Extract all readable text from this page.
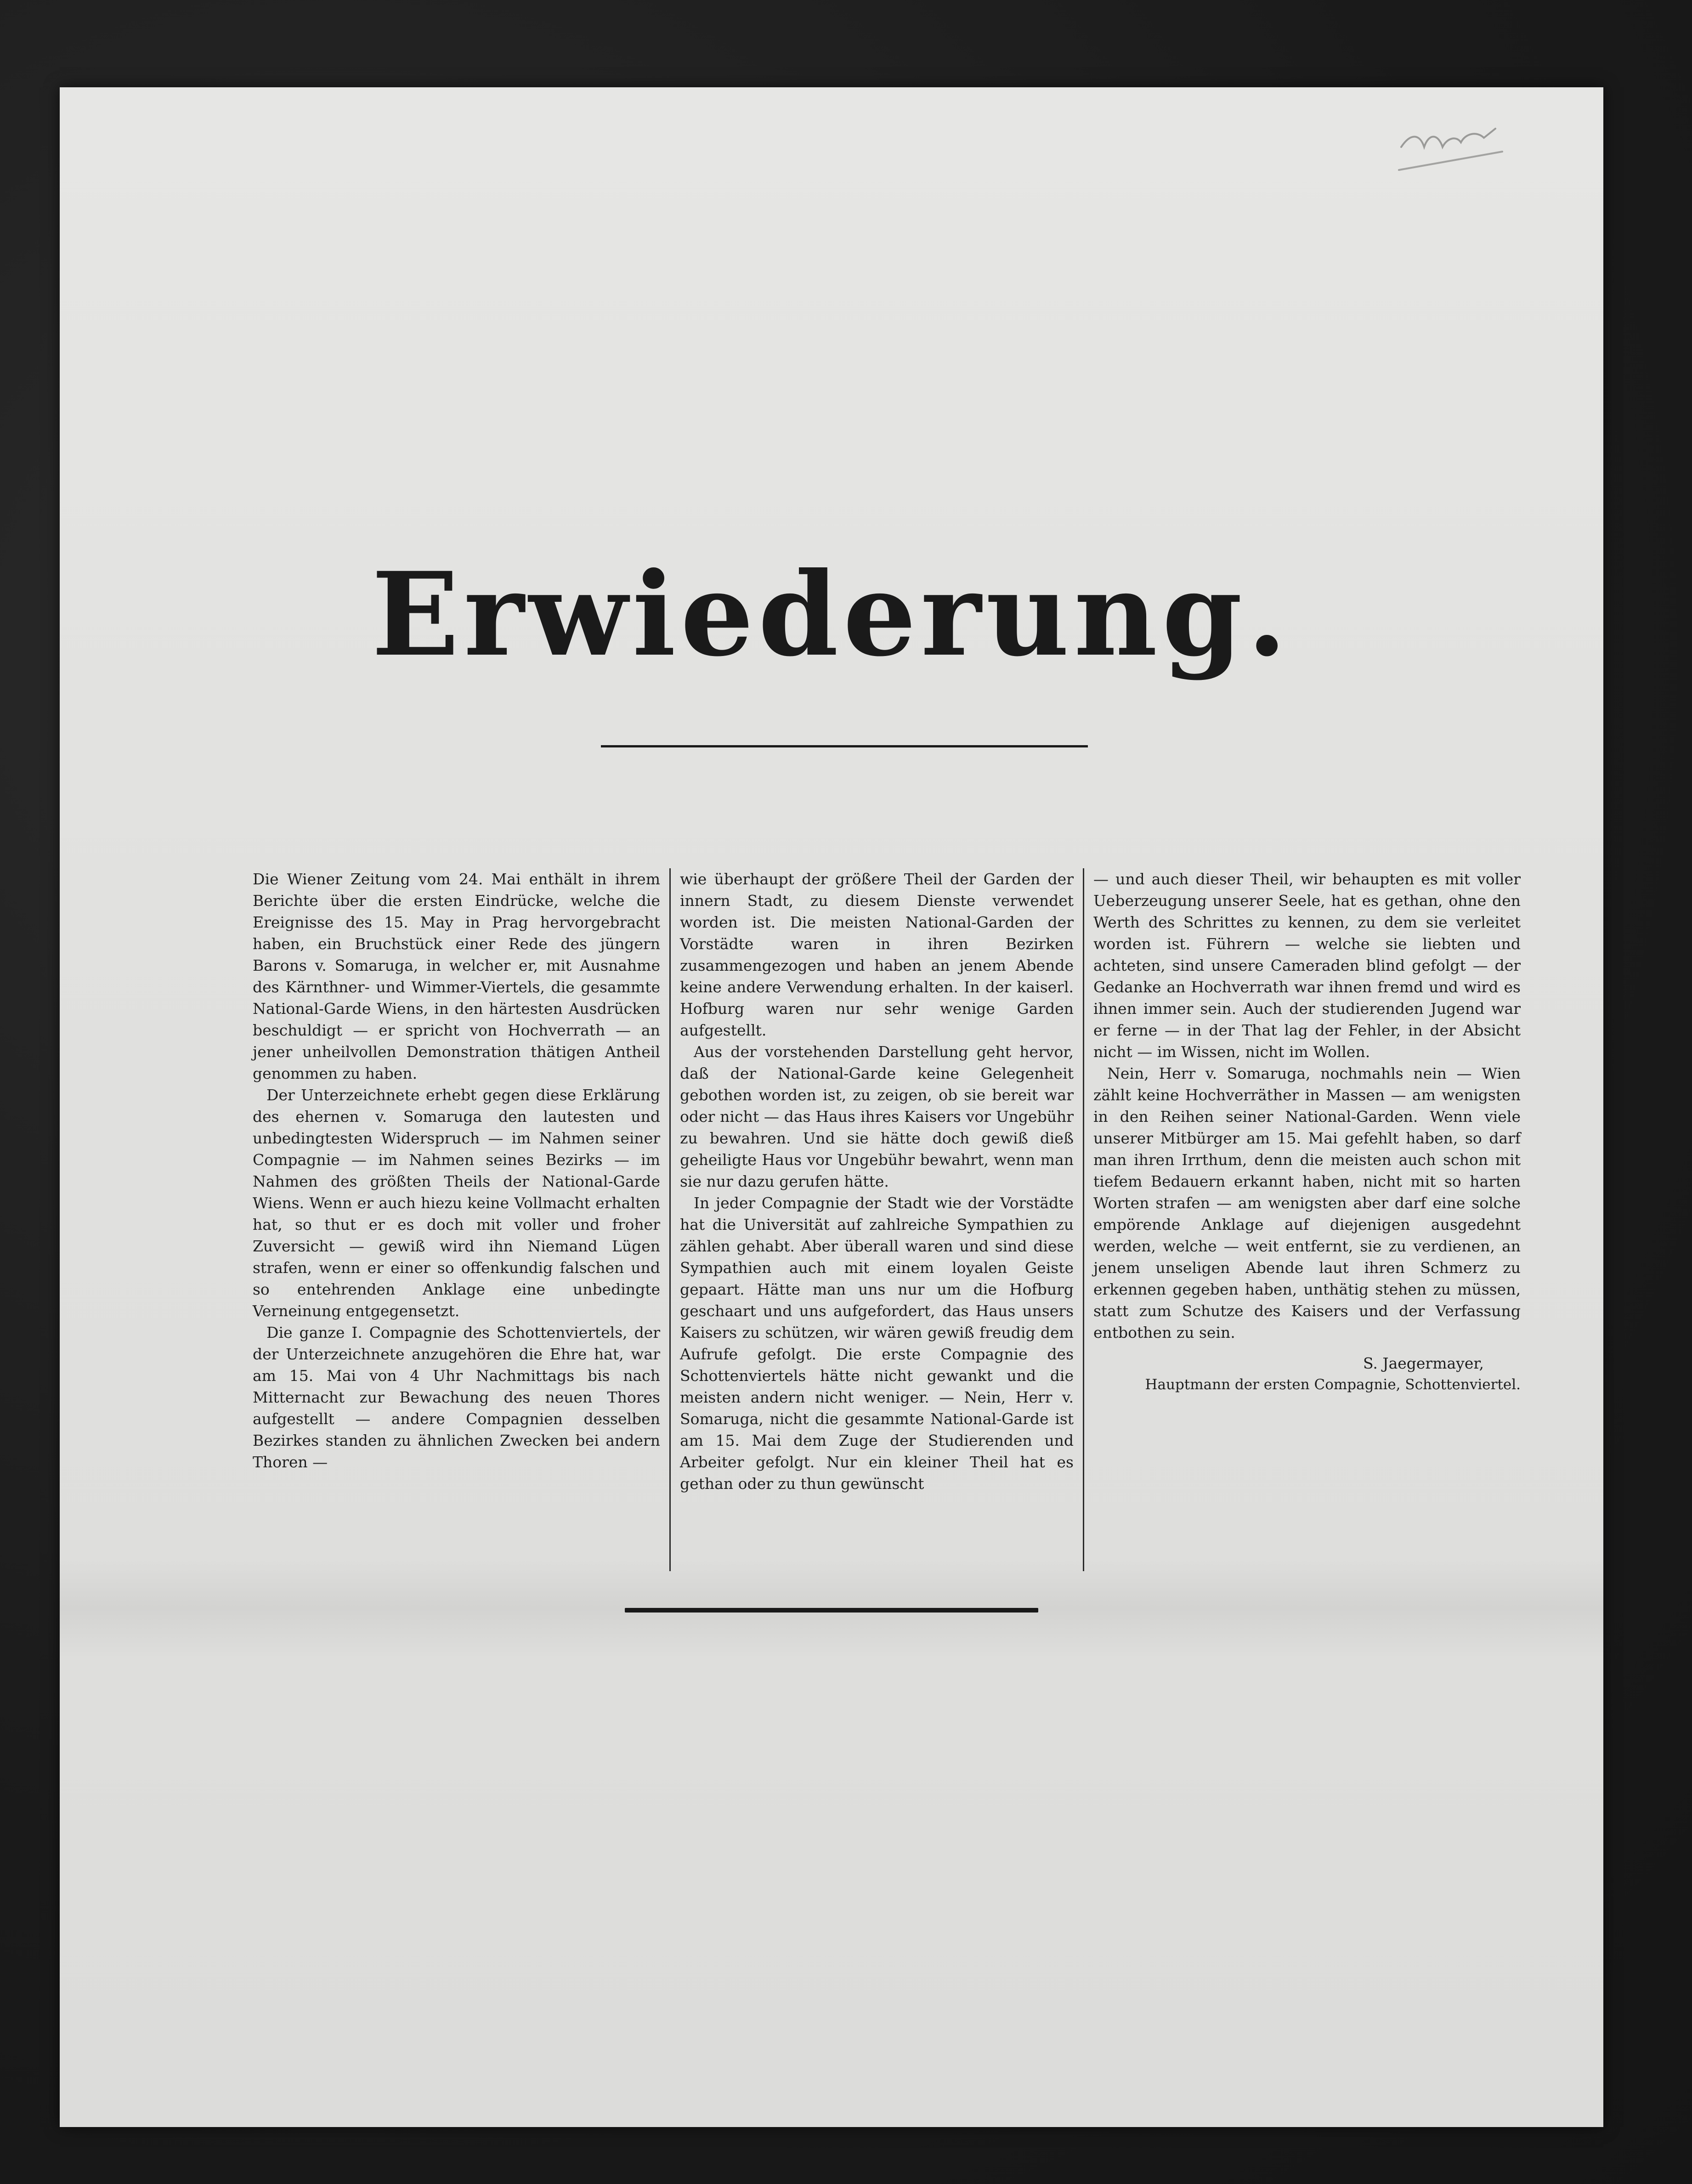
Erwiederung.

Die Wiener Zeitung vom 24. Mai enthält in ihrem Berichte über die ersten Eindrücke, welche die Ereignisse des 15. May in Prag hervorgebracht haben, ein Bruchstück einer Rede des jüngern Barons v. Somaruga, in welcher er, mit Ausnahme des Kärnthner- und Wimmer-Viertels, die gesammte National-Garde Wiens, in den härtesten Ausdrücken beschuldigt — er spricht von Hochverrath — an jener unheilvollen Demonstration thätigen Antheil genommen zu haben.

Der Unterzeichnete erhebt gegen diese Erklärung des ehernen v. Somaruga den lautesten und unbedingtesten Widerspruch — im Nahmen seiner Compagnie — im Nahmen seines Bezirks — im Nahmen des größten Theils der National-Garde Wiens. Wenn er auch hiezu keine Vollmacht erhalten hat, so thut er es doch mit voller und froher Zuversicht — gewiß wird ihn Niemand Lügen strafen, wenn er einer so offenkundig falschen und so entehrenden Anklage eine unbedingte Verneinung entgegensetzt.

Die ganze I. Compagnie des Schottenviertels, der der Unterzeichnete anzugehören die Ehre hat, war am 15. Mai von 4 Uhr Nachmittags bis nach Mitternacht zur Bewachung des neuen Thores aufgestellt — andere Compagnien desselben Bezirkes standen zu ähnlichen Zwecken bei andern Thoren —

wie überhaupt der größere Theil der Garden der innern Stadt, zu diesem Dienste verwendet worden ist. Die meisten National-Garden der Vorstädte waren in ihren Bezirken zusammengezogen und haben an jenem Abende keine andere Verwendung erhalten. In der kaiserl. Hofburg waren nur sehr wenige Garden aufgestellt.

Aus der vorstehenden Darstellung geht hervor, daß der National-Garde keine Gelegenheit gebothen worden ist, zu zeigen, ob sie bereit war oder nicht — das Haus ihres Kaisers vor Ungebühr zu bewahren. Und sie hätte doch gewiß dieß geheiligte Haus vor Ungebühr bewahrt, wenn man sie nur dazu gerufen hätte.

In jeder Compagnie der Stadt wie der Vorstädte hat die Universität auf zahlreiche Sympathien zu zählen gehabt. Aber überall waren und sind diese Sympathien auch mit einem loyalen Geiste gepaart. Hätte man uns nur um die Hofburg geschaart und uns aufgefordert, das Haus unsers Kaisers zu schützen, wir wären gewiß freudig dem Aufrufe gefolgt. Die erste Compagnie des Schottenviertels hätte nicht gewankt und die meisten andern nicht weniger. — Nein, Herr v. Somaruga, nicht die gesammte National-Garde ist am 15. Mai dem Zuge der Studierenden und Arbeiter gefolgt. Nur ein kleiner Theil hat es gethan oder zu thun gewünscht

— und auch dieser Theil, wir behaupten es mit voller Ueberzeugung unserer Seele, hat es gethan, ohne den Werth des Schrittes zu kennen, zu dem sie verleitet worden ist. Führern — welche sie liebten und achteten, sind unsere Cameraden blind gefolgt — der Gedanke an Hochverrath war ihnen fremd und wird es ihnen immer sein. Auch der studierenden Jugend war er ferne — in der That lag der Fehler, in der Absicht nicht — im Wissen, nicht im Wollen.

Nein, Herr v. Somaruga, nochmahls nein — Wien zählt keine Hochverräther in Massen — am wenigsten in den Reihen seiner National-Garden. Wenn viele unserer Mitbürger am 15. Mai gefehlt haben, so darf man ihren Irrthum, denn die meisten auch schon mit tiefem Bedauern erkannt haben, nicht mit so harten Worten strafen — am wenigsten aber darf eine solche empörende Anklage auf diejenigen ausgedehnt werden, welche — weit entfernt, sie zu verdienen, an jenem unseligen Abende laut ihren Schmerz zu erkennen gegeben haben, unthätig stehen zu müssen, statt zum Schutze des Kaisers und der Verfassung entbothen zu sein.

S. Jaegermayer,

Hauptmann der ersten Compagnie, Schottenviertel.
